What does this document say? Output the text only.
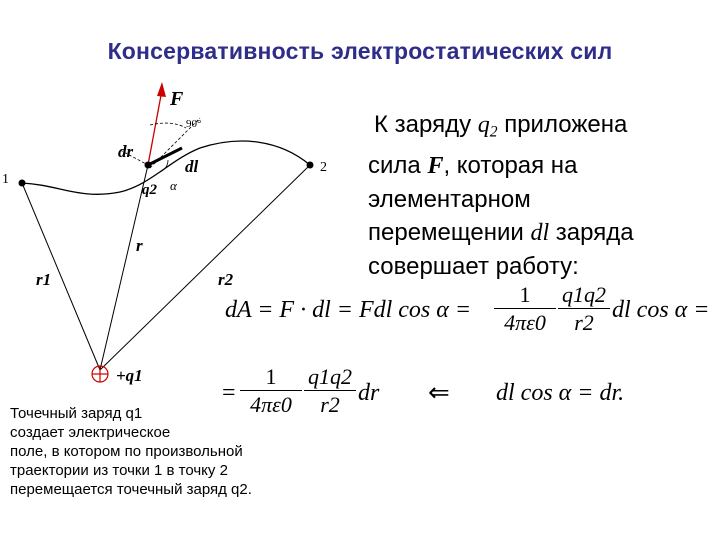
Консервативность электростатических сил
F
90°
dr
dl
α
q2
1
2
r
r1	r2
+q1
К заряду $q_2$ приложена
сила F, которая на
элементарном
перемещении dl заряда
совершает работу:
dA = F · dl = Fdl cos α =
1
4πε0
q1q2
r2 dl cos α =
=
1
4πε0
q1q2
r2 dr ⇐ dl cos α = dr.
Точечный заряд q1
создает электрическое
поле, в котором по произвольной
траектории из точки 1 в точку 2
перемещается точечный заряд q2.
